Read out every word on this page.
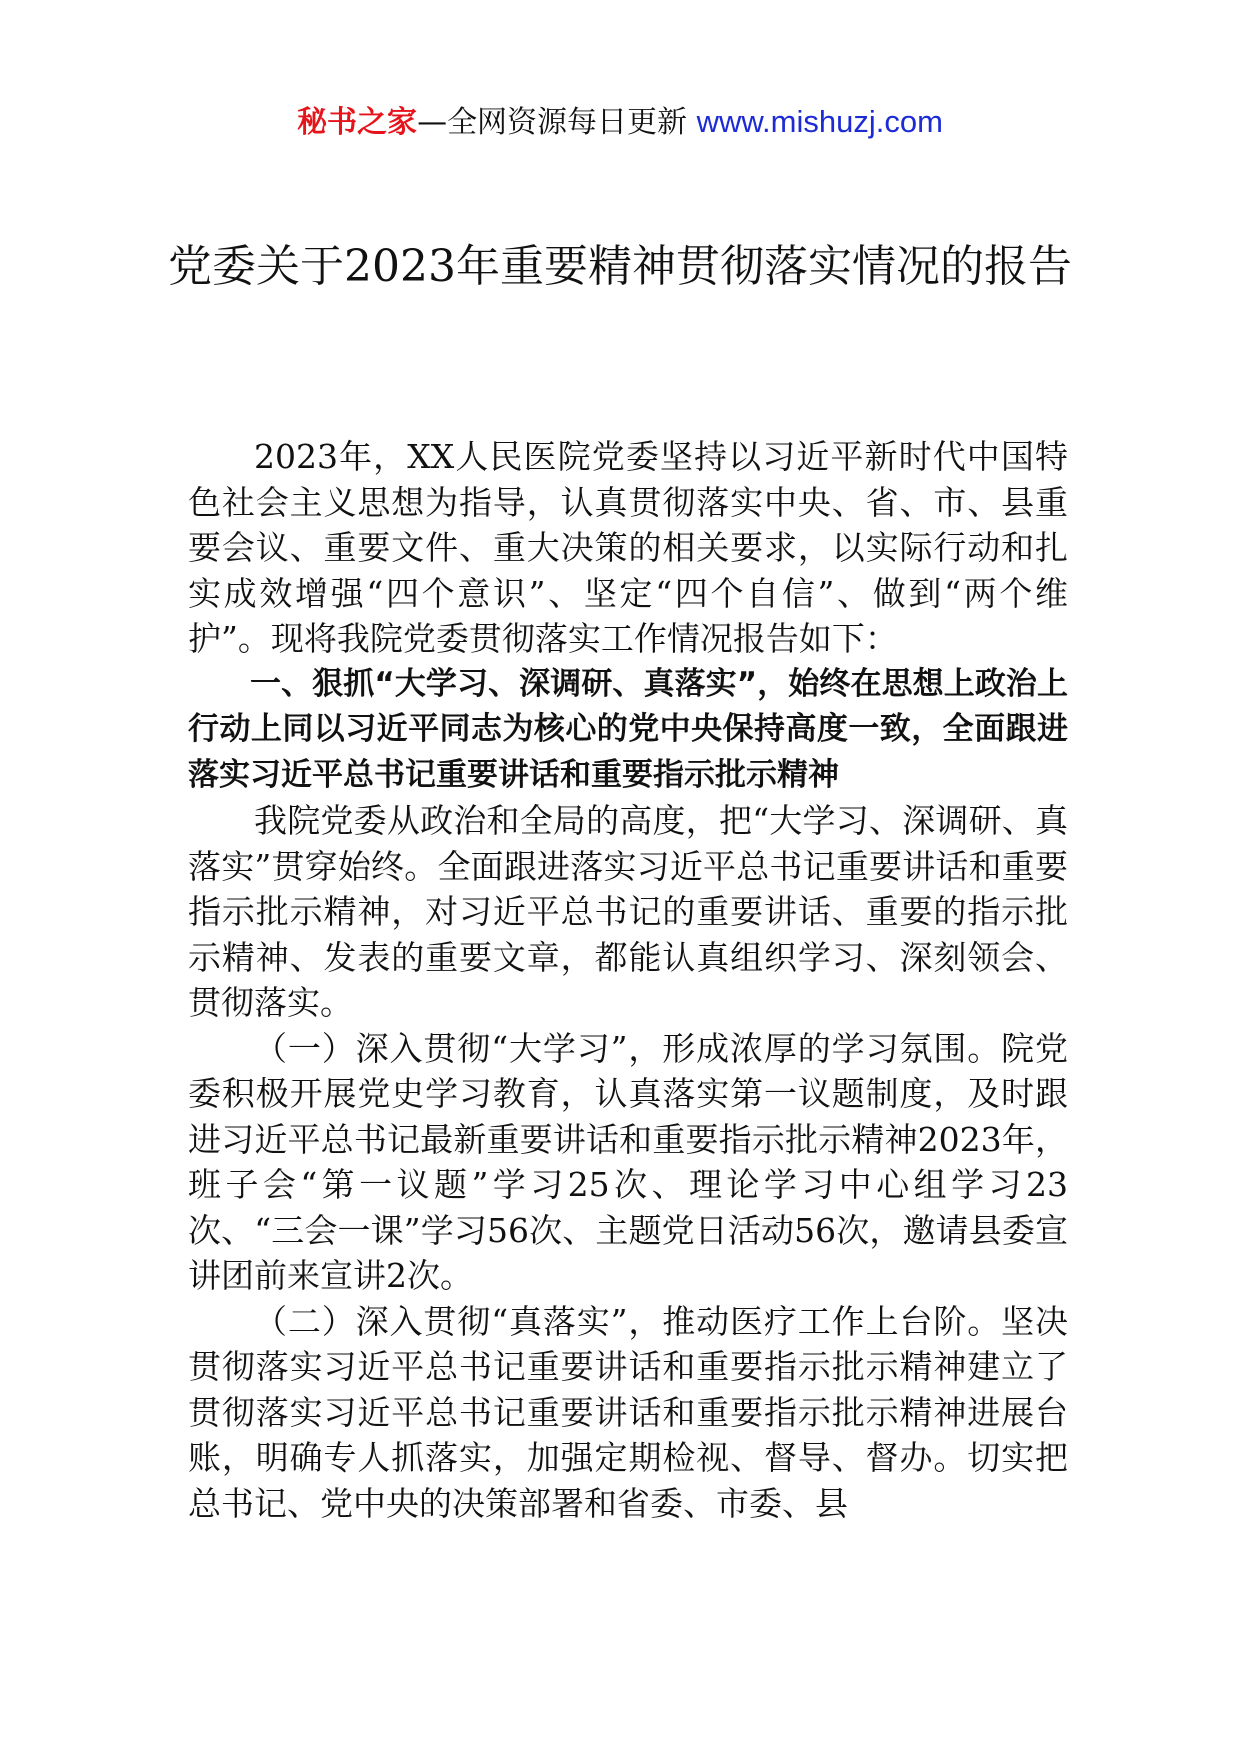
秘书之家—全网资源每日更新 www.mishuzj.com
党委关于2023年重要精神贯彻落实情况的报告

2023年，XX人民医院党委坚持以习近平新时代中国特色社会主义思想为指导，认真贯彻落实中央、省、市、县重要会议、重要文件、重大决策的相关要求，以实际行动和扎实成效增强“四个意识”、坚定“四个自信”、做到“两个维护”。现将我院党委贯彻落实工作情况报告如下：

一、狠抓“大学习、深调研、真落实”，始终在思想上政治上行动上同以习近平同志为核心的党中央保持高度一致，全面跟进落实习近平总书记重要讲话和重要指示批示精神

我院党委从政治和全局的高度，把“大学习、深调研、真落实”贯穿始终。全面跟进落实习近平总书记重要讲话和重要指示批示精神，对习近平总书记的重要讲话、重要的指示批示精神、发表的重要文章，都能认真组织学习、深刻领会、贯彻落实。

（一）深入贯彻“大学习”，形成浓厚的学习氛围。院党委积极开展党史学习教育，认真落实第一议题制度，及时跟进习近平总书记最新重要讲话和重要指示批示精神2023年，班子会“第一议题”学习25次、理论学习中心组学习23次、“三会一课”学习56次、主题党日活动56次，邀请县委宣讲团前来宣讲2次。

（二）深入贯彻“真落实”，推动医疗工作上台阶。坚决贯彻落实习近平总书记重要讲话和重要指示批示精神建立了贯彻落实习近平总书记重要讲话和重要指示批示精神进展台账，明确专人抓落实，加强定期检视、督导、督办。切实把总书记、党中央的决策部署和省委、市委、县
